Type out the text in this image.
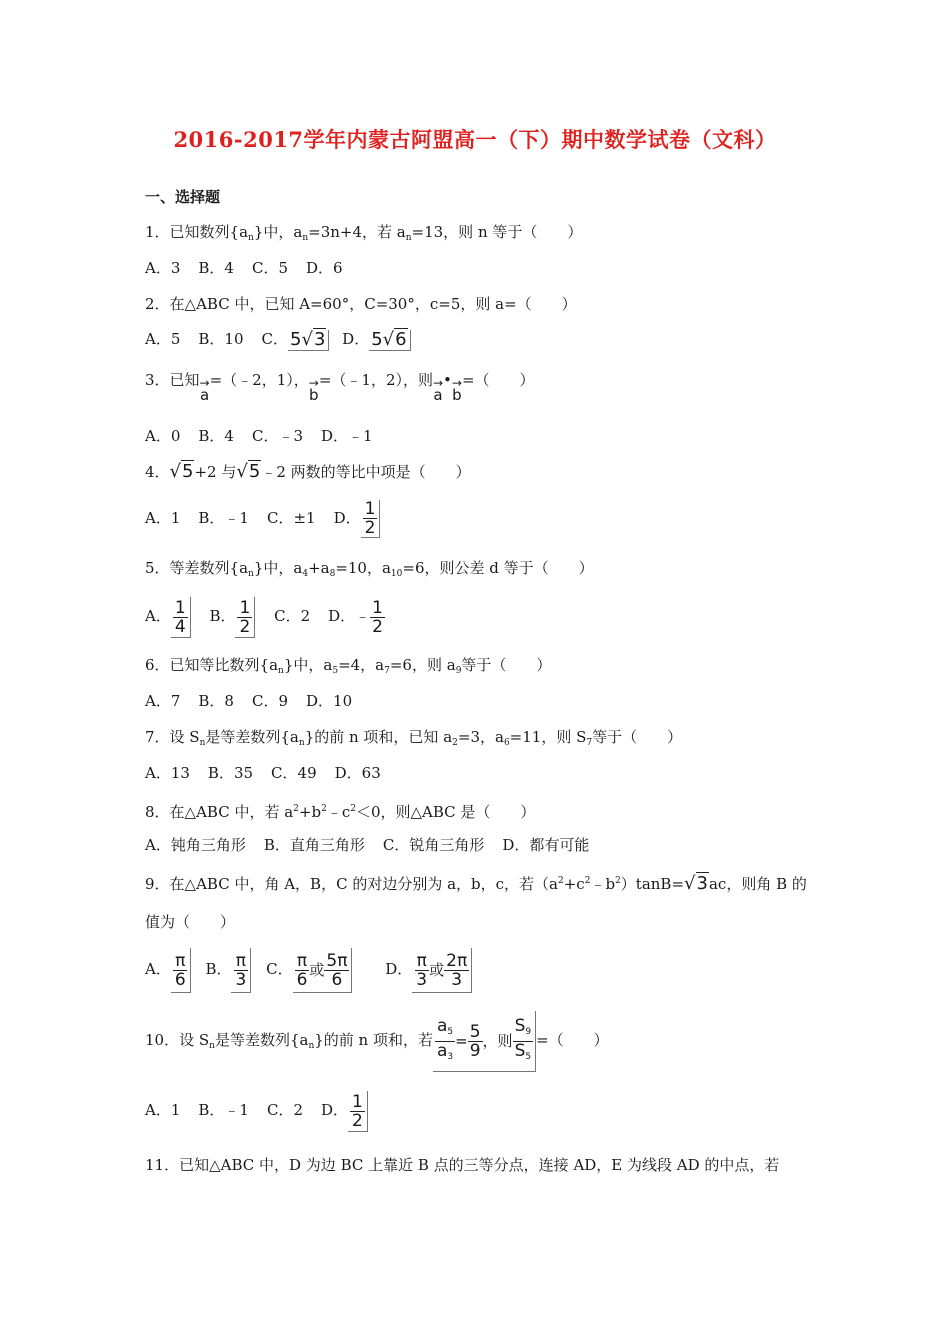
2016-2017学年内蒙古阿盟高一（下）期中数学试卷（文科）
一、选择题
1．已知数列$\{a_n\}$中，$a_n=3n+4$，若 $a_n=13$，则 n 等于（　　）
A．3 B．4 C．5 D．6
2．在△ABC 中，已知 A=60°，C=30°，c=5，则 a=（　　）
A．5 B．10 C． 5√3 D． 5√6
3．已知 →
a
=（﹣2，1）， →
b
=（﹣1，2），则 →
a
• →
b
=（　　）
A．0 B．4 C．﹣3 D．﹣1
4．√5+2 与√5﹣2 两数的等比中项是（　　）
A．1 B．﹣1 C．±1 D． $\frac{1}{2}$
5．等差数列$\{a_n\}$中，$a_4+a_8=10$，$a_{10}=6$，则公差 d 等于（　　）
A． $\frac{1}{4}$ B． $\frac{1}{2}$ C．2 D．﹣ $\frac{1}{2}$
6．已知等比数列$\{a_n\}$中，$a_5=4$，$a_7=6$，则 $a_9$等于（　　）
A．7 B．8 C．9 D．10
7．设 $S_n$是等差数列$\{a_n\}$的前 n 项和，已知 $a_2=3$，$a_6=11$，则 $S_7$等于（　　）
A．13 B．35 C．49 D．63
8．在△ABC 中，若 $a^2+b^2﹣c^2<0$，则△ABC 是（　　）
A．钝角三角形 B．直角三角形 C．锐角三角形 D．都有可能
9．在△ABC 中，角 A，B，C 的对边分别为 a，b，c，若$(a^2+c^2﹣b^2)\tan B=√3ac$，则角 B 的
值为（　　）
A． $\frac{\pi}{6}$ B． $\frac{\pi}{3}$ C． $\frac{\pi}{6}$ 或 $\frac{5\pi}{6}$ D． $\frac{\pi}{3}$ 或 $\frac{2\pi}{3}$
10．设 $S_n$是等差数列$\{a_n\}$的前 n 项和，若 $\frac{a_5}{a_3} = \frac{5}{9}$ ，则 $\frac{S_9}{S_5}$ =（　　）
A．1 B．﹣1 C．2 D． $\frac{1}{2}$
11．已知△ABC 中，D 为边 BC 上靠近 B 点的三等分点，连接 AD，E 为线段 AD 的中点，若
